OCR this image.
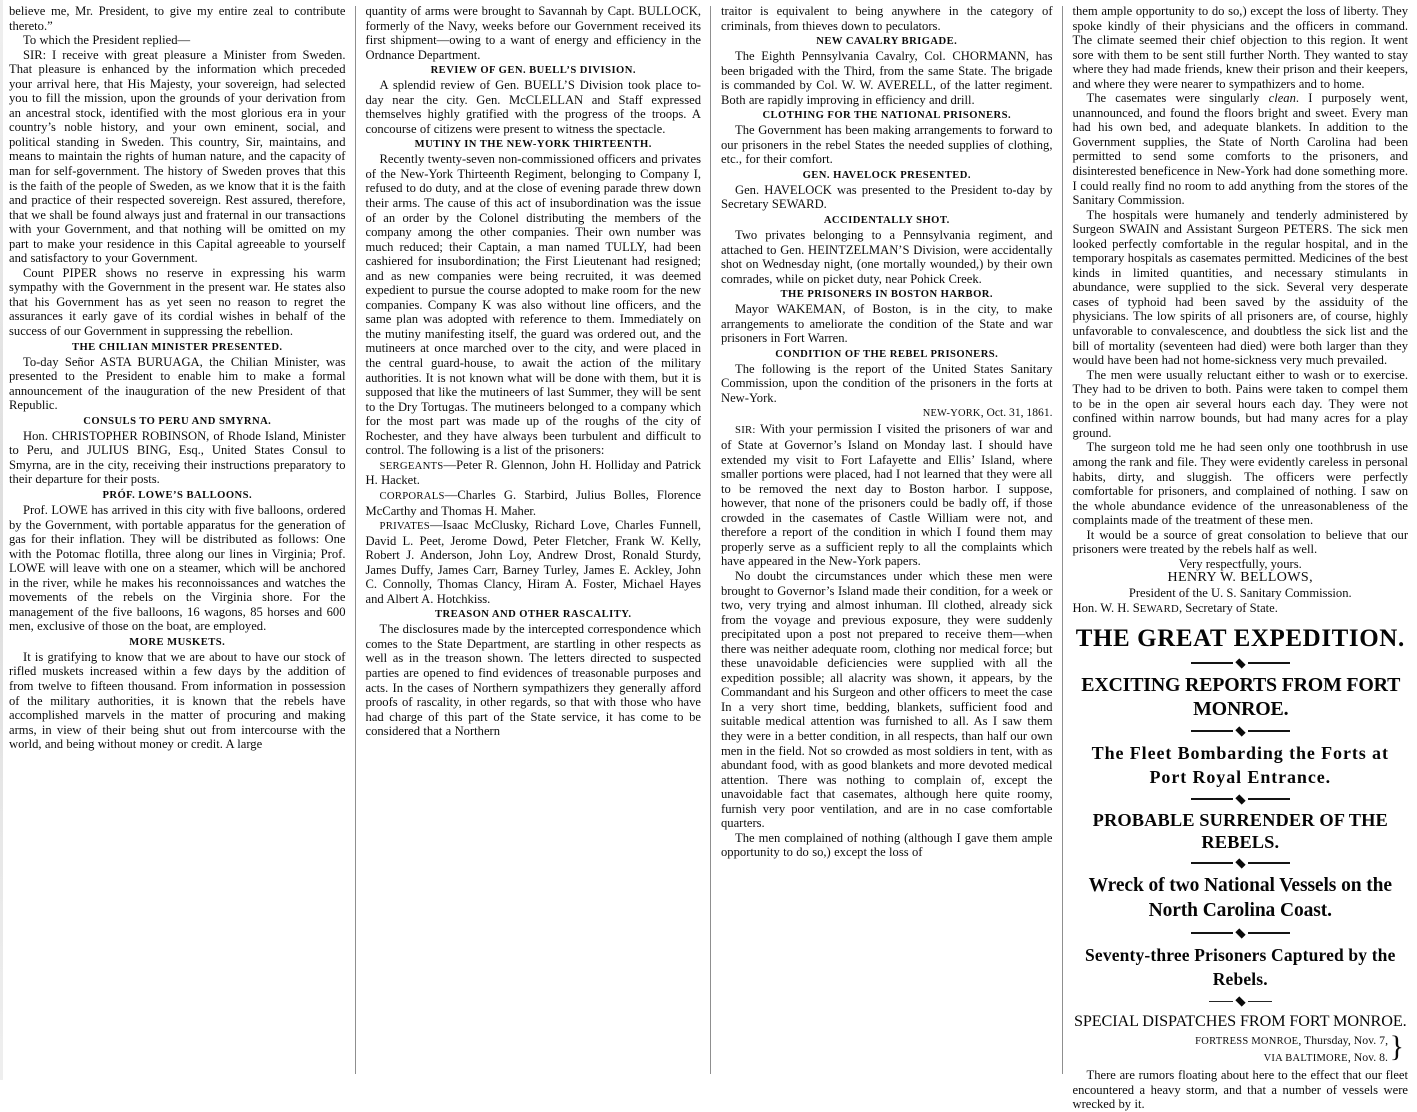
believe me, Mr. President, to give my entire zeal to contribute thereto.”

To which the President replied—

SIR: I receive with great pleasure a Minister from Sweden. That pleasure is enhanced by the information which preceded your arrival here, that His Majesty, your sovereign, had selected you to fill the mission, upon the grounds of your derivation from an ancestral stock, identified with the most glorious era in your country’s noble history, and your own eminent, social, and political standing in Sweden. This country, Sir, maintains, and means to maintain the rights of human nature, and the capacity of man for self-government. The history of Sweden proves that this is the faith of the people of Sweden, as we know that it is the faith and practice of their respected sovereign. Rest assured, therefore, that we shall be found always just and fraternal in our transactions with your Government, and that nothing will be omitted on my part to make your residence in this Capital agreeable to yourself and satisfactory to your Government.

Count PIPER shows no reserve in expressing his warm sympathy with the Government in the present war. He states also that his Government has as yet seen no reason to regret the assurances it early gave of its cordial wishes in behalf of the success of our Government in suppressing the rebellion.

THE CHILIAN MINISTER PRESENTED.

To-day Señor ASTA BURUAGA, the Chilian Minister, was presented to the President to enable him to make a formal announcement of the inauguration of the new President of that Republic.

CONSULS TO PERU AND SMYRNA.

Hon. CHRISTOPHER ROBINSON, of Rhode Island, Minister to Peru, and JULIUS BING, Esq., United States Consul to Smyrna, are in the city, receiving their instructions preparatory to their departure for their posts.

PRÓF. LOWE’S BALLOONS.

Prof. LOWE has arrived in this city with five balloons, ordered by the Government, with portable apparatus for the generation of gas for their inflation. They will be distributed as follows: One with the Potomac flotilla, three along our lines in Virginia; Prof. LOWE will leave with one on a steamer, which will be anchored in the river, while he makes his reconnoissances and watches the movements of the rebels on the Virginia shore. For the management of the five balloons, 16 wagons, 85 horses and 600 men, exclusive of those on the boat, are employed.

MORE MUSKETS.

It is gratifying to know that we are about to have our stock of rifled muskets increased within a few days by the addition of from twelve to fifteen thousand. From information in possession of the military authorities, it is known that the rebels have accomplished marvels in the matter of procuring and making arms, in view of their being shut out from intercourse with the world, and being without money or credit. A large

quantity of arms were brought to Savannah by Capt. BULLOCK, formerly of the Navy, weeks before our Government received its first shipment—owing to a want of energy and efficiency in the Ordnance Department.

REVIEW OF GEN. BUELL’S DIVISION.

A splendid review of Gen. BUELL’S Division took place to-day near the city. Gen. McCLELLAN and Staff expressed themselves highly gratified with the progress of the troops. A concourse of citizens were present to witness the spectacle.

MUTINY IN THE NEW-YORK THIRTEENTH.

Recently twenty-seven non-commissioned officers and privates of the New-York Thirteenth Regiment, belonging to Company I, refused to do duty, and at the close of evening parade threw down their arms. The cause of this act of insubordination was the issue of an order by the Colonel distributing the members of the company among the other companies. Their own number was much reduced; their Captain, a man named TULLY, had been cashiered for insubordination; the First Lieutenant had resigned; and as new companies were being recruited, it was deemed expedient to pursue the course adopted to make room for the new companies. Company K was also without line officers, and the same plan was adopted with reference to them. Immediately on the mutiny manifesting itself, the guard was ordered out, and the mutineers at once marched over to the city, and were placed in the central guard-house, to await the action of the military authorities. It is not known what will be done with them, but it is supposed that like the mutineers of last Summer, they will be sent to the Dry Tortugas. The mutineers belonged to a company which for the most part was made up of the roughs of the city of Rochester, and they have always been turbulent and difficult to control. The following is a list of the prisoners:

SERGEANTS—Peter R. Glennon, John H. Holliday and Patrick H. Hacket.

CORPORALS—Charles G. Starbird, Julius Bolles, Florence McCarthy and Thomas H. Maher.

PRIVATES—Isaac McClusky, Richard Love, Charles Funnell, David L. Peet, Jerome Dowd, Peter Fletcher, Frank W. Kelly, Robert J. Anderson, John Loy, Andrew Drost, Ronald Sturdy, James Duffy, James Carr, Barney Turley, James E. Ackley, John C. Connolly, Thomas Clancy, Hiram A. Foster, Michael Hayes and Albert A. Hotchkiss.

TREASON AND OTHER RASCALITY.

The disclosures made by the intercepted correspondence which comes to the State Department, are startling in other respects as well as in the treason shown. The letters directed to suspected parties are opened to find evidences of treasonable purposes and acts. In the cases of Northern sympathizers they generally afford proofs of rascality, in other regards, so that with those who have had charge of this part of the State service, it has come to be considered that a Northern

traitor is equivalent to being anywhere in the category of criminals, from thieves down to peculators.

NEW CAVALRY BRIGADE.

The Eighth Pennsylvania Cavalry, Col. CHORMANN, has been brigaded with the Third, from the same State. The brigade is commanded by Col. W. W. AVERELL, of the latter regiment. Both are rapidly improving in efficiency and drill.

CLOTHING FOR THE NATIONAL PRISONERS.

The Government has been making arrangements to forward to our prisoners in the rebel States the needed supplies of clothing, etc., for their comfort.

GEN. HAVELOCK PRESENTED.

Gen. HAVELOCK was presented to the President to-day by Secretary SEWARD.

ACCIDENTALLY SHOT.

Two privates belonging to a Pennsylvania regiment, and attached to Gen. HEINTZELMAN’S Division, were accidentally shot on Wednesday night, (one mortally wounded,) by their own comrades, while on picket duty, near Pohick Creek.

THE PRISONERS IN BOSTON HARBOR.

Mayor WAKEMAN, of Boston, is in the city, to make arrangements to ameliorate the condition of the State and war prisoners in Fort Warren.

CONDITION OF THE REBEL PRISONERS.

The following is the report of the United States Sanitary Commission, upon the condition of the prisoners in the forts at New-York.

NEW-YORK, Oct. 31, 1861.

SIR: With your permission I visited the prisoners of war and of State at Governor’s Island on Monday last. I should have extended my visit to Fort Lafayette and Ellis’ Island, where smaller portions were placed, had I not learned that they were all to be removed the next day to Boston harbor. I suppose, however, that none of the prisoners could be badly off, if those crowded in the casemates of Castle William were not, and therefore a report of the condition in which I found them may properly serve as a sufficient reply to all the complaints which have appeared in the New-York papers.

No doubt the circumstances under which these men were brought to Governor’s Island made their condition, for a week or two, very trying and almost inhuman. Ill clothed, already sick from the voyage and previous exposure, they were suddenly precipitated upon a post not prepared to receive them—when there was neither adequate room, clothing nor medical force; but these unavoidable deficiencies were supplied with all the expedition possible; all alacrity was shown, it appears, by the Commandant and his Surgeon and other officers to meet the case In a very short time, bedding, blankets, sufficient food and suitable medical attention was furnished to all. As I saw them they were in a better condition, in all respects, than half our own men in the field. Not so crowded as most soldiers in tent, with as abundant food, with as good blankets and more devoted medical attention. There was nothing to complain of, except the unavoidable fact that casemates, although here quite roomy, furnish very poor ventilation, and are in no case comfortable quarters.

The men complained of nothing (although I gave them ample opportunity to do so,) except the loss of

them ample opportunity to do so,) except the loss of liberty. They spoke kindly of their physicians and the officers in command. The climate seemed their chief objection to this region. It went sore with them to be sent still further North. They wanted to stay where they had made friends, knew their prison and their keepers, and where they were nearer to sympathizers and to home.

The casemates were singularly clean. I purposely went, unannounced, and found the floors bright and sweet. Every man had his own bed, and adequate blankets. In addition to the Government supplies, the State of North Carolina had been permitted to send some comforts to the prisoners, and disinterested beneficence in New-York had done something more. I could really find no room to add anything from the stores of the Sanitary Commission.

The hospitals were humanely and tenderly administered by Surgeon SWAIN and Assistant Surgeon PETERS. The sick men looked perfectly comfortable in the regular hospital, and in the temporary hospitals as casemates permitted. Medicines of the best kinds in limited quantities, and necessary stimulants in abundance, were supplied to the sick. Several very desperate cases of typhoid had been saved by the assiduity of the physicians. The low spirits of all prisoners are, of course, highly unfavorable to convalescence, and doubtless the sick list and the bill of mortality (seventeen had died) were both larger than they would have been had not home-sickness very much prevailed.

The men were usually reluctant either to wash or to exercise. They had to be driven to both. Pains were taken to compel them to be in the open air several hours each day. They were not confined within narrow bounds, but had many acres for a play ground.

The surgeon told me he had seen only one toothbrush in use among the rank and file. They were evidently careless in personal habits, dirty, and sluggish. The officers were perfectly comfortable for prisoners, and complained of nothing. I saw on the whole abundance evidence of the unreasonableness of the complaints made of the treatment of these men.

It would be a source of great consolation to believe that our prisoners were treated by the rebels half as well.

Very respectfully, yours.

HENRY W. BELLOWS,

President of the U. S. Sanitary Commission.

Hon. W. H. SEWARD, Secretary of State.

THE GREAT EXPEDITION.
EXCITING REPORTS FROM FORT MONROE.
The Fleet Bombarding the Forts at Port Royal Entrance.
PROBABLE SURRENDER OF THE REBELS.
Wreck of two National Vessels on the North Carolina Coast.
Seventy-three Prisoners Captured by the Rebels.
SPECIAL DISPATCHES FROM FORT MONROE.
}
FORTRESS MONROE, Thursday, Nov. 7,
VIA BALTIMORE, Nov. 8.

There are rumors floating about here to the effect that our fleet encountered a heavy storm, and that a number of vessels were wrecked by it.
